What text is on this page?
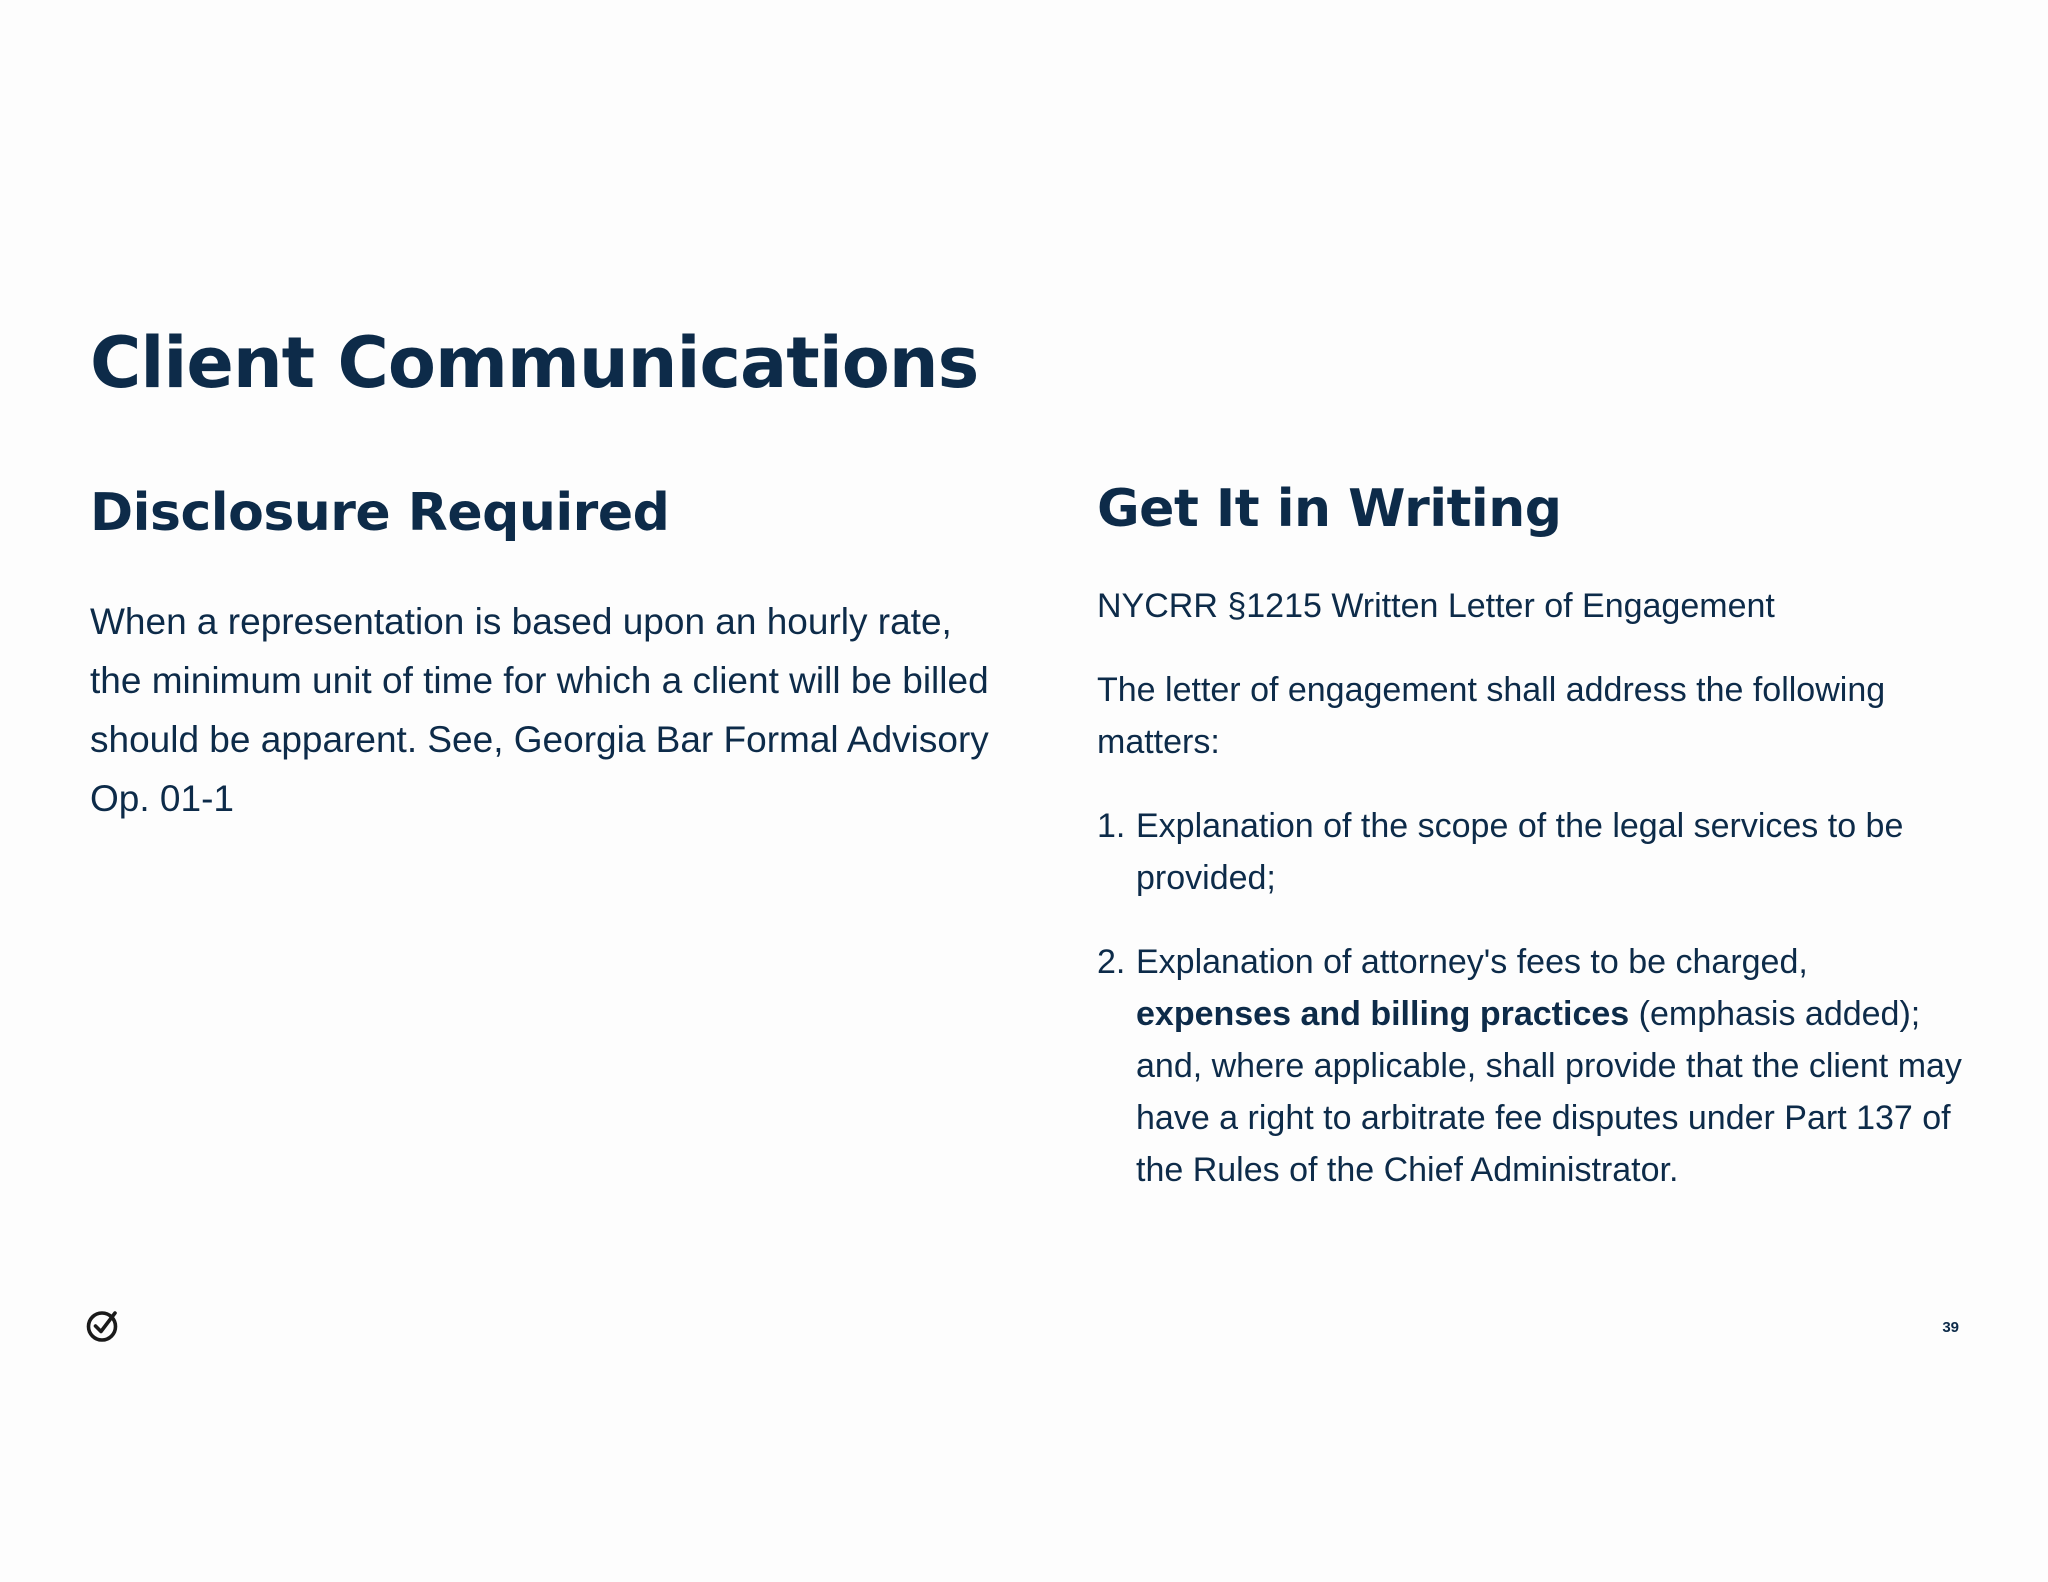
Client Communications
Disclosure Required

When a representation is based upon an hourly rate, the minimum unit of time for which a client will be billed should be apparent. See, Georgia Bar Formal Advisory Op. 01-1

Get It in Writing

NYCRR §1215 Written Letter of Engagement

The letter of engagement shall address the following matters:

1. Explanation of the scope of the legal services to be provided;
2. Explanation of attorney's fees to be charged, expenses and billing practices (emphasis added); and, where applicable, shall provide that the client may have a right to arbitrate fee disputes under Part 137 of the Rules of the Chief Administrator.
39
